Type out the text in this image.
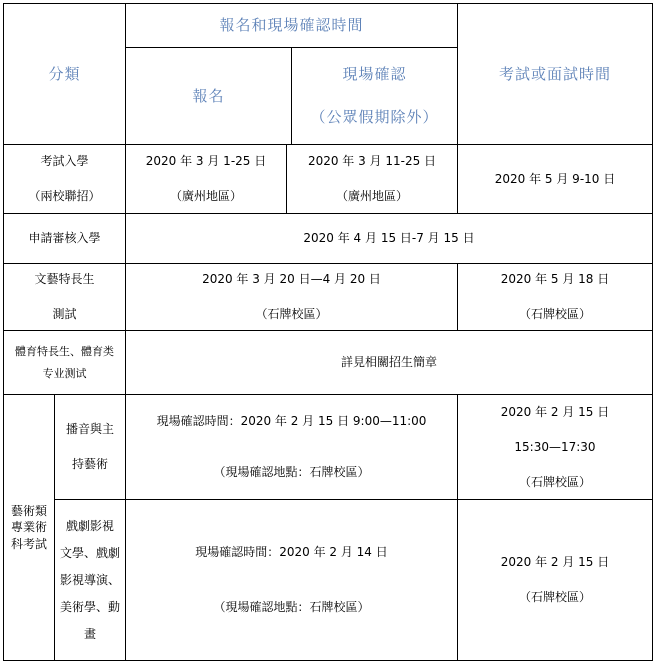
分類
報名和現場確認時間
考試或面試時間
報名
現場確認
（公眾假期除外）
考試入學
（兩校聯招）
2020 年 3 月 1-25 日
（廣州地區）
2020 年 3 月 11-25 日
（廣州地區）
2020 年 5 月 9-10 日
申請審核入學	2020 年 4 月 15 日-7 月 15 日
文藝特長生
測試
2020 年 3 月 20 日—4 月 20 日
（石牌校區）
2020 年 5 月 18 日
（石牌校區）
體育特長生、體育类
专业测试
詳見相關招生簡章
藝術類專業術科考試
播音與主
持藝術
現場確認時間：2020 年 2 月 15 日 9:00—11:00
（現場確認地點：石牌校區）
2020 年 2 月 15 日
15:30—17:30
（石牌校區）
戲劇影視
文學、戲劇
影視導演、
美術學、動
畫
現場確認時間：2020 年 2 月 14 日
（現場確認地點：石牌校區）
2020 年 2 月 15 日
（石牌校區）
